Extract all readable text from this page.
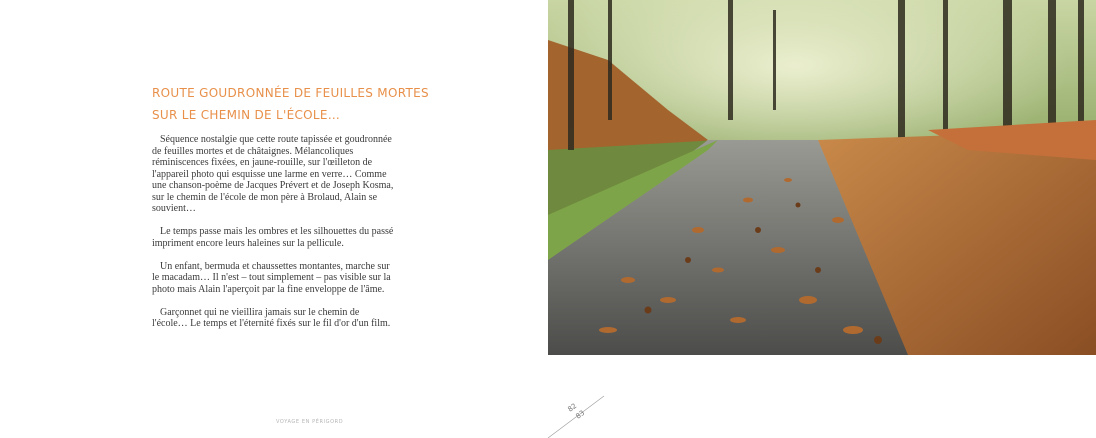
ROUTE GOUDRONNÉE DE FEUILLES MORTES
SUR LE CHEMIN DE L'ÉCOLE…

Séquence nostalgie que cette route tapissée et goudronnée de feuilles mortes et de châtaignes. Mélancoliques réminiscences fixées, en jaune-rouille, sur l'œilleton de l'appareil photo qui esquisse une larme en verre… Comme une chanson-poème de Jacques Prévert et de Joseph Kosma, sur le chemin de l'école de mon père à Brolaud, Alain se souvient…

Le temps passe mais les ombres et les silhouettes du passé impriment encore leurs haleines sur la pellicule.

Un enfant, bermuda et chaussettes montantes, marche sur le macadam… Il n'est – tout simplement – pas visible sur la photo mais Alain l'aperçoit par la fine enveloppe de l'âme.

Garçonnet qui ne vieillira jamais sur le chemin de l'école… Le temps et l'éternité fixés sur le fil d'or d'un film.

VOYAGE EN PÉRIGORD
82
83
